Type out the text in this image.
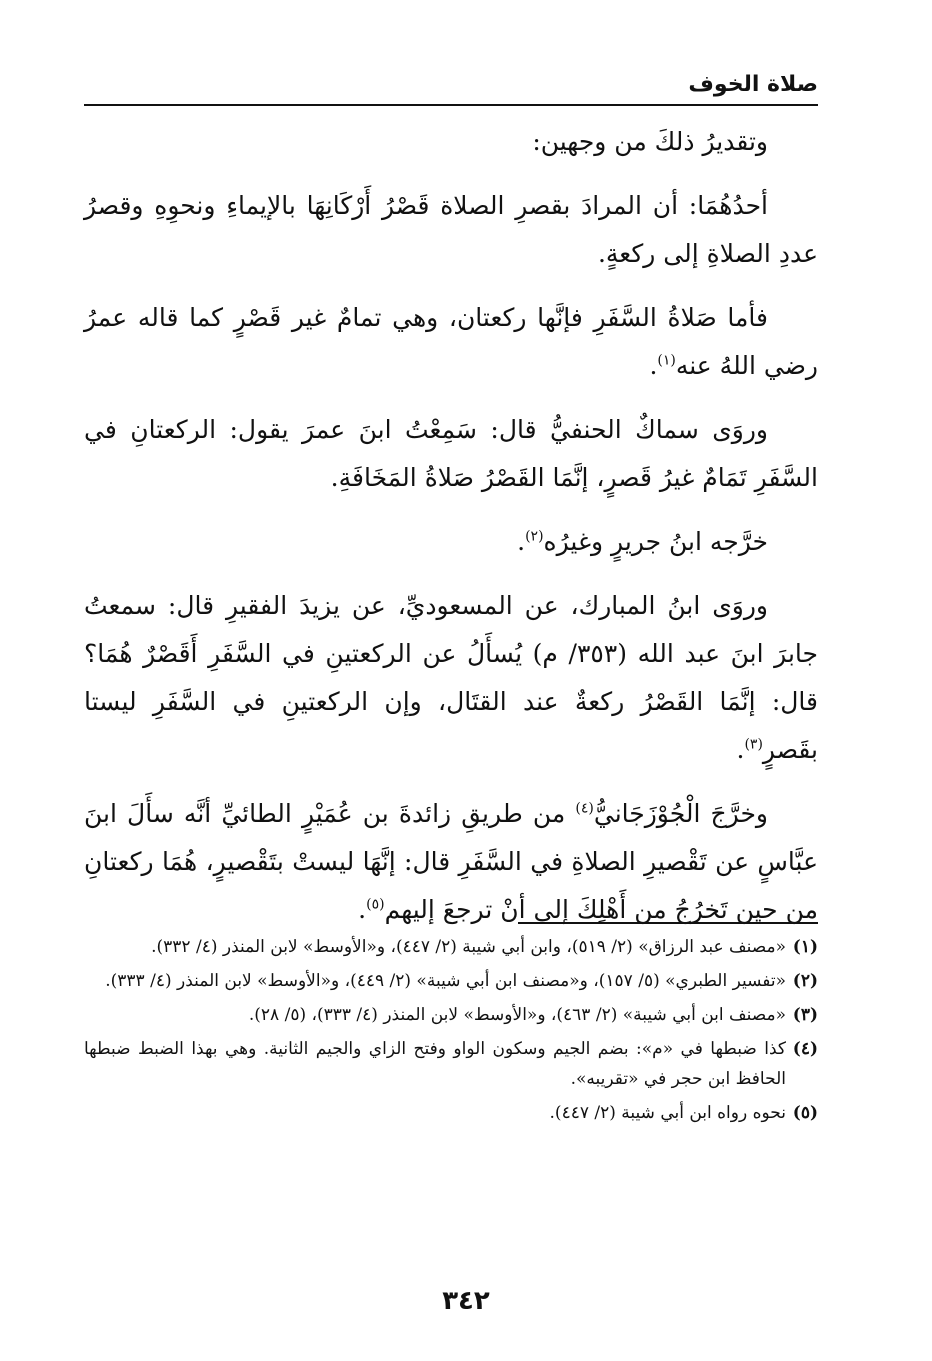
صلاة الخوف

وتقديرُ ذلكَ من وجهين:

أحدُهُمَا: أن المرادَ بقصرِ الصلاة قَصْرُ أَرْكَانِهَا بالإيماءِ ونحوِهِ وقصرُ عددِ الصلاةِ إلى ركعةٍ.

فأما صَلاةُ السَّفَرِ فإنَّها ركعتان، وهي تمامٌ غير قَصْرٍ كما قاله عمرُ رضي اللهُ عنه$^{(١)}$.

وروَى سماكٌ الحنفيُّ قال: سَمِعْتُ ابنَ عمرَ يقول: الركعتانِ في السَّفَرِ تَمَامٌ غيرُ قَصرٍ، إنَّمَا القَصْرُ صَلاةُ المَخَافَةِ.

خرَّجه ابنُ جريرٍ وغيرُه$^{(٢)}$.

وروَى ابنُ المبارك، عن المسعوديِّ، عن يزيدَ الفقيرِ قال: سمعتُ جابرَ ابنَ عبد الله (٣٥٣/ م) يُسأَلُ عن الركعتينِ في السَّفَرِ أَقَصْرٌ هُمَا؟ قال: إنَّمَا القَصْرُ ركعةٌ عند القتَال، وإن الركعتينِ في السَّفَرِ ليستا بقَصرٍ$^{(٣)}$.

وخرَّجَ الْجُوْزَجَانيُّ$^{(٤)}$ من طريقِ زائدةَ بن عُمَيْرٍ الطائيِّ أنَّه سأَلَ ابنَ عبَّاسٍ عن تَقْصيرِ الصلاةِ في السَّفَرِ قال: إنَّهَا ليستْ بتَقْصيرٍ، هُمَا ركعتانِ من حين تَخرُجُ من أَهْلِكَ إلى أنْ ترجعَ إليهم$^{(٥)}$.

(١)
«مصنف عبد الرزاق» (٢/ ٥١٩)، وابن أبي شيبة (٢/ ٤٤٧)، و«الأوسط» لابن المنذر (٤/ ٣٣٢).
(٢)
«تفسير الطبري» (٥/ ١٥٧)، و«مصنف ابن أبي شيبة» (٢/ ٤٤٩)، و«الأوسط» لابن المنذر (٤/ ٣٣٣).
(٣)
«مصنف ابن أبي شيبة» (٢/ ٤٦٣)، و«الأوسط» لابن المنذر (٤/ ٣٣٣)، (٥/ ٢٨).
(٤)
كذا ضبطها في «م»: بضم الجيم وسكون الواو وفتح الزاي والجيم الثانية. وهي بهذا الضبط ضبطها الحافظ ابن حجر في «تقريبه».
(٥)
نحوه رواه ابن أبي شيبة (٢/ ٤٤٧).
٣٤٢
